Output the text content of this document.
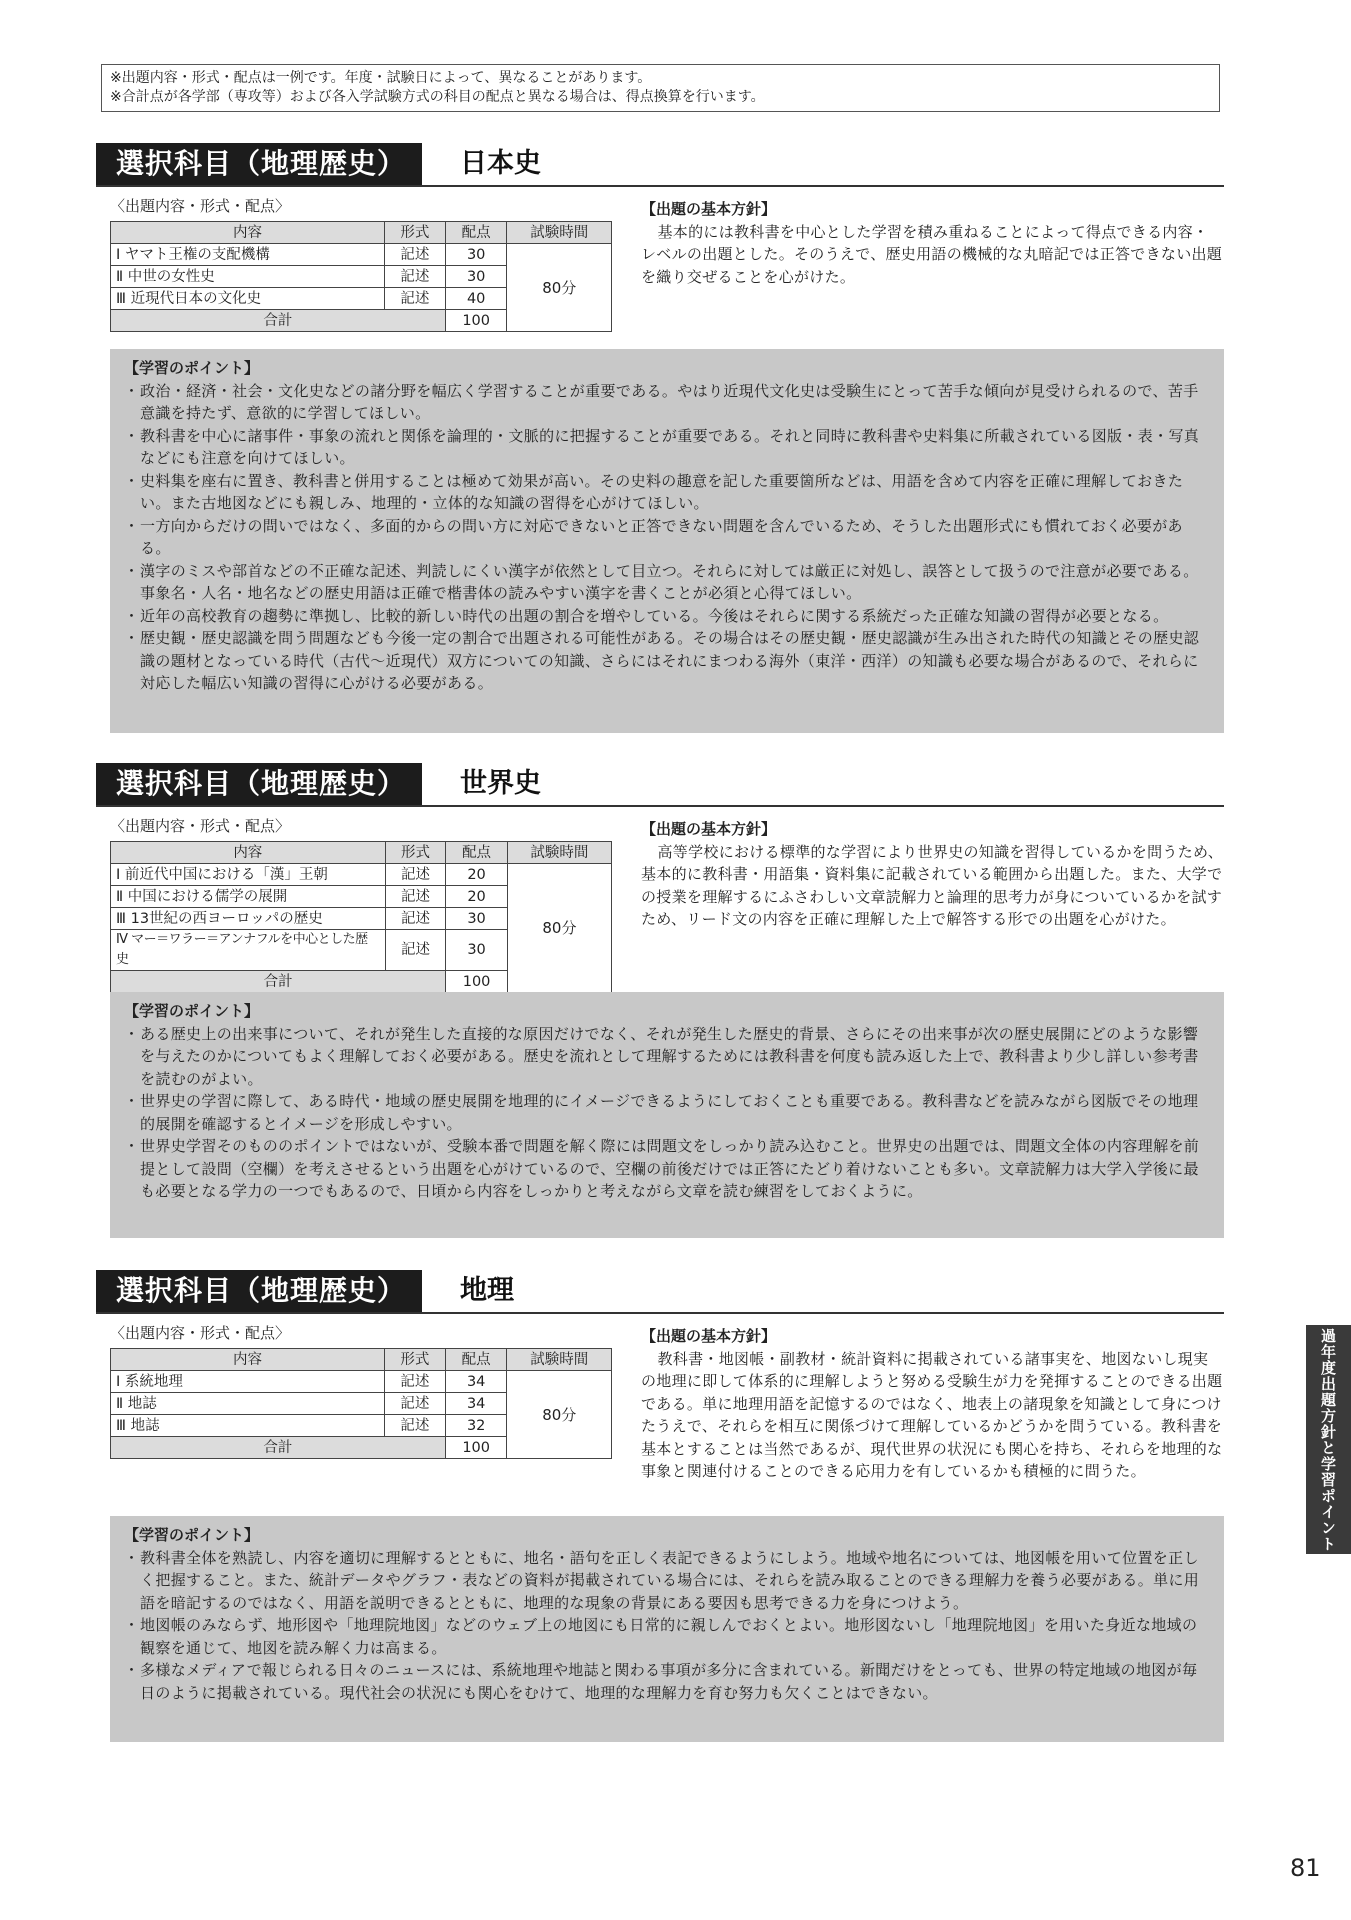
※出題内容・形式・配点は一例です。年度・試験日によって、異なることがあります。
※合計点が各学部（専攻等）および各入学試験方式の科目の配点と異なる場合は、得点換算を行います。
選択科目（地理歴史）	日本史
〈出題内容・形式・配点〉
内容	形式	配点	試験時間
Ⅰ ヤマト王権の支配機構	記述	30	80分
Ⅱ 中世の女性史	記述	30	
Ⅲ 近現代日本の文化史	記述	40	
合計		100	
【出題の基本方針】
基本的には教科書を中心とした学習を積み重ねることによって得点できる内容・レベルの出題とした。そのうえで、歴史用語の機械的な丸暗記では正答できない出題を織り交ぜることを心がけた。
【学習のポイント】
・政治・経済・社会・文化史などの諸分野を幅広く学習することが重要である。やはり近現代文化史は受験生にとって苦手な傾向が見受けられるので、苦手意識を持たず、意欲的に学習してほしい。
・教科書を中心に諸事件・事象の流れと関係を論理的・文脈的に把握することが重要である。それと同時に教科書や史料集に所載されている図版・表・写真などにも注意を向けてほしい。
・史料集を座右に置き、教科書と併用することは極めて効果が高い。その史料の趣意を記した重要箇所などは、用語を含めて内容を正確に理解しておきたい。また古地図などにも親しみ、地理的・立体的な知識の習得を心がけてほしい。
・一方向からだけの問いではなく、多面的からの問い方に対応できないと正答できない問題を含んでいるため、そうした出題形式にも慣れておく必要がある。
・漢字のミスや部首などの不正確な記述、判読しにくい漢字が依然として目立つ。それらに対しては厳正に対処し、誤答として扱うので注意が必要である。事象名・人名・地名などの歴史用語は正確で楷書体の読みやすい漢字を書くことが必須と心得てほしい。
・近年の高校教育の趨勢に準拠し、比較的新しい時代の出題の割合を増やしている。今後はそれらに関する系統だった正確な知識の習得が必要となる。
・歴史観・歴史認識を問う問題なども今後一定の割合で出題される可能性がある。その場合はその歴史観・歴史認識が生み出された時代の知識とその歴史認識の題材となっている時代（古代〜近現代）双方についての知識、さらにはそれにまつわる海外（東洋・西洋）の知識も必要な場合があるので、それらに対応した幅広い知識の習得に心がける必要がある。
選択科目（地理歴史）	世界史
〈出題内容・形式・配点〉
内容	形式	配点	試験時間
Ⅰ 前近代中国における「漢」王朝	記述	20	80分
Ⅱ 中国における儒学の展開	記述	20	
Ⅲ 13世紀の西ヨーロッパの歴史	記述	30	
Ⅳ マー＝ワラー＝アンナフルを中心とした歴史	記述	30	
合計		100	
【出題の基本方針】
高等学校における標準的な学習により世界史の知識を習得しているかを問うため、基本的に教科書・用語集・資料集に記載されている範囲から出題した。また、大学での授業を理解するにふさわしい文章読解力と論理的思考力が身についているかを試すため、リード文の内容を正確に理解した上で解答する形での出題を心がけた。
【学習のポイント】
・ある歴史上の出来事について、それが発生した直接的な原因だけでなく、それが発生した歴史的背景、さらにその出来事が次の歴史展開にどのような影響を与えたのかについてもよく理解しておく必要がある。歴史を流れとして理解するためには教科書を何度も読み返した上で、教科書より少し詳しい参考書を読むのがよい。
・世界史の学習に際して、ある時代・地域の歴史展開を地理的にイメージできるようにしておくことも重要である。教科書などを読みながら図版でその地理的展開を確認するとイメージを形成しやすい。
・世界史学習そのもののポイントではないが、受験本番で問題を解く際には問題文をしっかり読み込むこと。世界史の出題では、問題文全体の内容理解を前提として設問（空欄）を考えさせるという出題を心がけているので、空欄の前後だけでは正答にたどり着けないことも多い。文章読解力は大学入学後に最も必要となる学力の一つでもあるので、日頃から内容をしっかりと考えながら文章を読む練習をしておくように。
選択科目（地理歴史）	地理
〈出題内容・形式・配点〉
内容	形式	配点	試験時間
Ⅰ 系統地理	記述	34	80分
Ⅱ 地誌	記述	34	
Ⅲ 地誌	記述	32	
合計		100	
【出題の基本方針】
教科書・地図帳・副教材・統計資料に掲載されている諸事実を、地図ないし現実の地理に即して体系的に理解しようと努める受験生が力を発揮することのできる出題である。単に地理用語を記憶するのではなく、地表上の諸現象を知識として身につけたうえで、それらを相互に関係づけて理解しているかどうかを問うている。教科書を基本とすることは当然であるが、現代世界の状況にも関心を持ち、それらを地理的な事象と関連付けることのできる応用力を有しているかも積極的に問うた。
【学習のポイント】
・教科書全体を熟読し、内容を適切に理解するとともに、地名・語句を正しく表記できるようにしよう。地域や地名については、地図帳を用いて位置を正しく把握すること。また、統計データやグラフ・表などの資料が掲載されている場合には、それらを読み取ることのできる理解力を養う必要がある。単に用語を暗記するのではなく、用語を説明できるとともに、地理的な現象の背景にある要因も思考できる力を身につけよう。
・地図帳のみならず、地形図や「地理院地図」などのウェブ上の地図にも日常的に親しんでおくとよい。地形図ないし「地理院地図」を用いた身近な地域の観察を通じて、地図を読み解く力は高まる。
・多様なメディアで報じられる日々のニュースには、系統地理や地誌と関わる事項が多分に含まれている。新聞だけをとっても、世界の特定地域の地図が毎日のように掲載されている。現代社会の状況にも関心をむけて、地理的な理解力を育む努力も欠くことはできない。
過年度出題方針と学習ポイント
81
